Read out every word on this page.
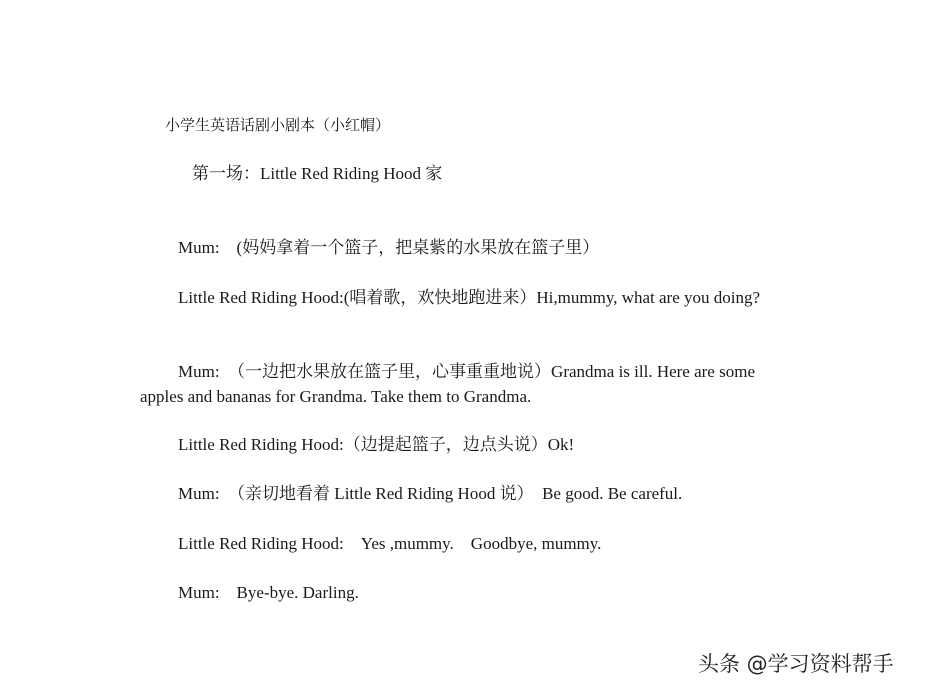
小学生英语话剧小剧本（小红帽）
第一场：Little Red Riding Hood 家
Mum:　(妈妈拿着一个篮子，把桌紫的水果放在篮子里）
Little Red Riding Hood:(唱着歌，欢快地跑进来）Hi,mummy, what are you doing?
Mum:　（一边把水果放在篮子里，心事重重地说）Grandma is ill. Here are some apples and bananas for Grandma. Take them to Grandma.
Little Red Riding Hood:（边提起篮子，边点头说）Ok!
Mum:　（亲切地看着 Little Red Riding Hood 说）　Be good. Be careful.
Little Red Riding Hood:　Yes ,mummy.　Goodbye, mummy.
Mum:　Bye-bye. Darling.
头条 @学习资料帮手
